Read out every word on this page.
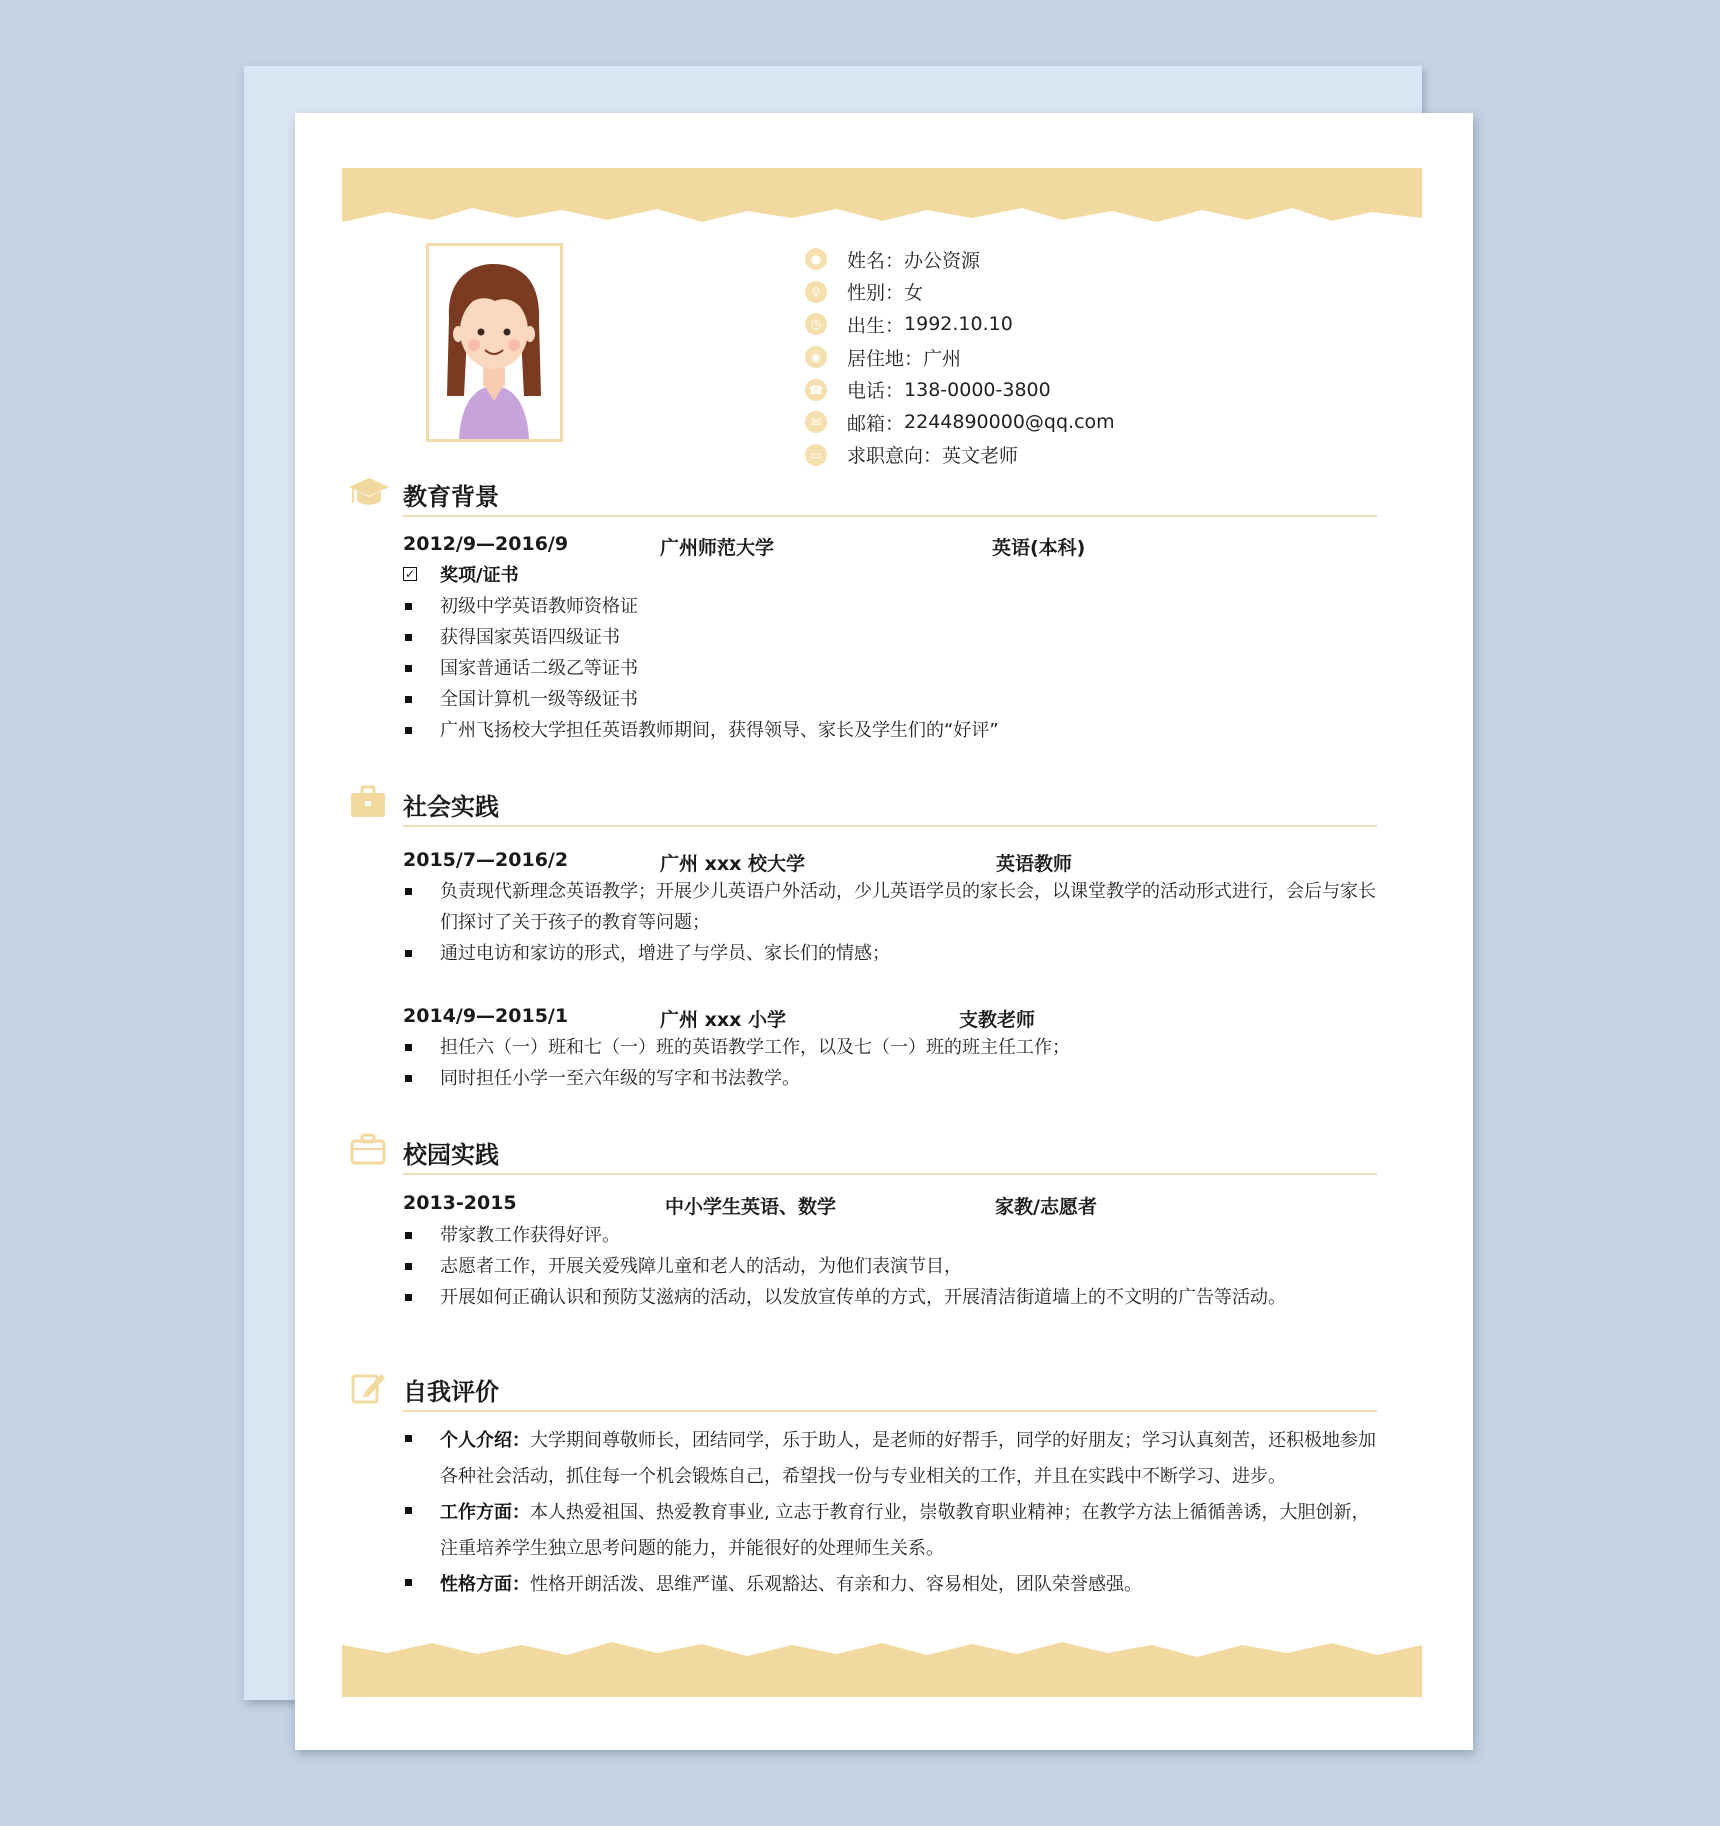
●	姓名 ： 办公资源
♀	性别 ： 女
◷	出生 ： 1992.10.10
◉	居住地 ： 广州
☎ 电话 ： 138-0000-3800
✉	邮箱 ： 2244890000@qq.com
▭ 求职意向 ： 英文老师
教育背景
2012/9—2016/9	广州师范大学	英语(本科)
✓ 奖项/证书
初级中学英语教师资格证
获得国家英语四级证书
国家普通话二级乙等证书
全国计算机一级等级证书
广州飞扬校大学担任英语教师期间，获得领导、家长及学生们的“好评”
社会实践
2015/7—2016/2	广州 xxx 校大学	英语教师
负责现代新理念英语教学；开展少儿英语户外活动，少儿英语学员的家长会，以课堂教学的活动形式进行，会后与家长们探讨了关于孩子的教育等问题；
通过电访和家访的形式，增进了与学员、家长们的情感；
2014/9—2015/1	广州 xxx 小学	支教老师
担任六（一）班和七（一）班的英语教学工作，以及七（一）班的班主任工作；
同时担任小学一至六年级的写字和书法教学。
校园实践
2013-2015	中小学生英语、数学	家教/志愿者
带家教工作获得好评。
志愿者工作，开展关爱残障儿童和老人的活动，为他们表演节目，
开展如何正确认识和预防艾滋病的活动，以发放宣传单的方式，开展清洁街道墙上的不文明的广告等活动。
自我评价
个人介绍：大学期间尊敬师长，团结同学，乐于助人，是老师的好帮手，同学的好朋友；学习认真刻苦，还积极地参加各种社会活动，抓住每一个机会锻炼自己，希望找一份与专业相关的工作，并且在实践中不断学习、进步。
工作方面：本人热爱祖国、热爱教育事业, 立志于教育行业，崇敬教育职业精神；在教学方法上循循善诱，大胆创新，注重培养学生独立思考问题的能力，并能很好的处理师生关系。
性格方面：性格开朗活泼、思维严谨、乐观豁达、有亲和力、容易相处，团队荣誉感强。
